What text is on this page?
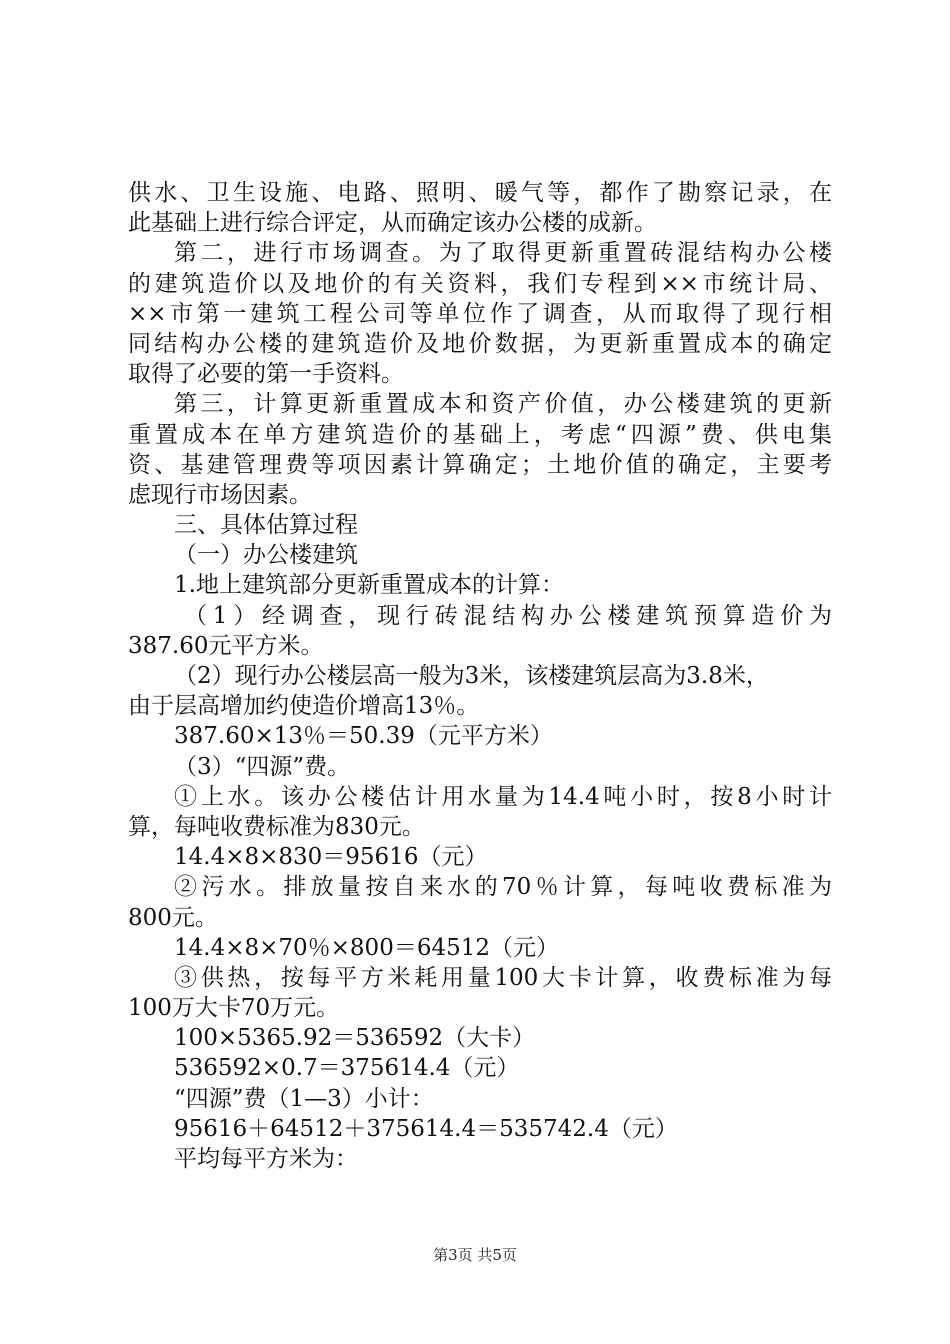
供水、卫生设施、电路、照明、暖气等，都作了勘察记录，在
此基础上进行综合评定，从而确定该办公楼的成新。
第二，进行市场调查。为了取得更新重置砖混结构办公楼
的建筑造价以及地价的有关资料，我们专程到××市统计局、
××市第一建筑工程公司等单位作了调查，从而取得了现行相
同结构办公楼的建筑造价及地价数据，为更新重置成本的确定
取得了必要的第一手资料。
第三，计算更新重置成本和资产价值，办公楼建筑的更新
重置成本在单方建筑造价的基础上，考虑“四源”费、供电集
资、基建管理费等项因素计算确定；土地价值的确定，主要考
虑现行市场因素。
三、具体估算过程
（一）办公楼建筑
1.地上建筑部分更新重置成本的计算：
（1）经调查，现行砖混结构办公楼建筑预算造价为
387.60元平方米。
（2）现行办公楼层高一般为3米，该楼建筑层高为3.8米，
由于层高增加约使造价增高13％。
387.60×13％＝50.39（元平方米）
（3）“四源”费。
①上水。该办公楼估计用水量为14.4吨小时，按8小时计
算，每吨收费标准为830元。
14.4×8×830＝95616（元）
②污水。排放量按自来水的70％计算，每吨收费标准为
800元。
14.4×8×70％×800＝64512（元）
③供热，按每平方米耗用量100大卡计算，收费标准为每
100万大卡70万元。
100×5365.92＝536592（大卡）
536592×0.7＝375614.4（元）
“四源”费（1—3）小计：
95616＋64512＋375614.4＝535742.4（元）
平均每平方米为：
第3页 共5页
